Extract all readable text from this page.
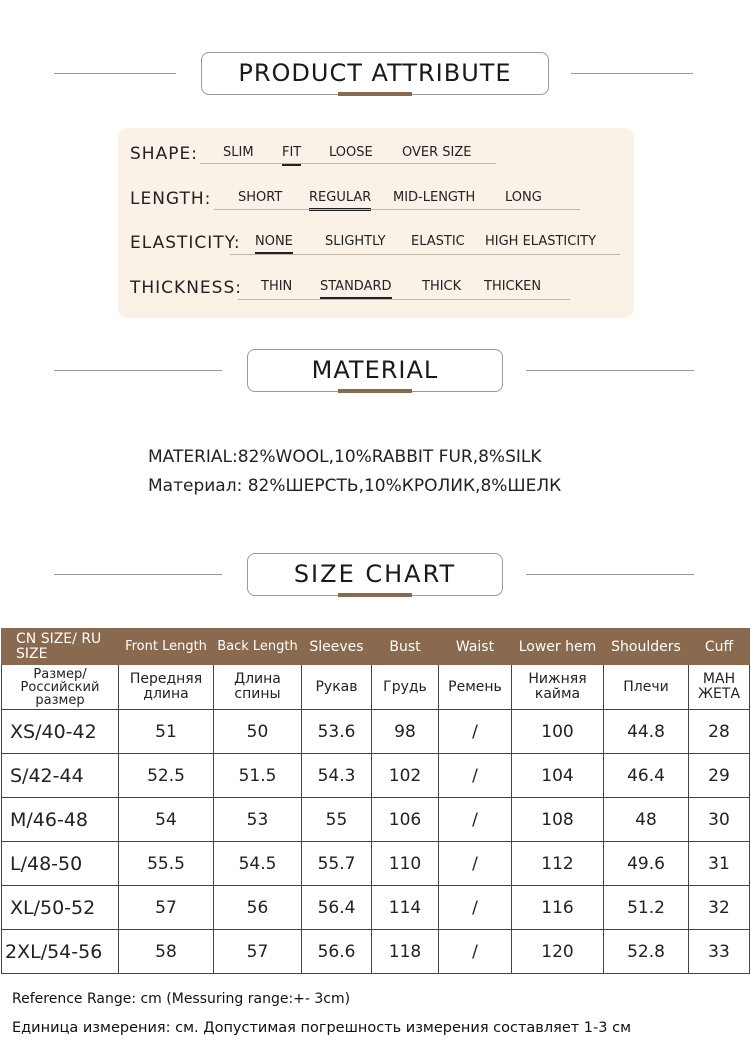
PRODUCT ATTRIBUTE
SHAPE: SLIM FIT LOOSE OVER SIZE
LENGTH: SHORT REGULAR MID-LENGTH LONG
ELASTICITY: NONE SLIGHTLY ELASTIC HIGH ELASTICITY
THICKNESS: THIN STANDARD THICK THICKEN
MATERIAL
MATERIAL:82%WOOL,10%RABBIT FUR,8%SILK
Материал: 82%ШЕРСТЬ,10%КРОЛИК,8%ШЕЛК
SIZE CHART
CN SIZE/ RU SIZE	Front Length	Back Length	Sleeves	Bust	Waist	Lower hem	Shoulders	Cuff
Размер/ Российский размер	Передняя длина	Длина спины	Рукав	Грудь	Ремень	Нижняя кайма	Плечи	МАН ЖЕТА
XS/40-42	51	50	53.6	98	/	100	44.8	28
S/42-44	52.5	51.5	54.3	102	/	104	46.4	29
M/46-48	54	53	55	106	/	108	48	30
L/48-50	55.5	54.5	55.7	110	/	112	49.6	31
XL/50-52	57	56	56.4	114	/	116	51.2	32
2XL/54-56	58	57	56.6	118	/	120	52.8	33
Reference Range: cm (Messuring range:+- 3cm)
Единица измерения: см. Допустимая погрешность измерения составляет 1-3 см
